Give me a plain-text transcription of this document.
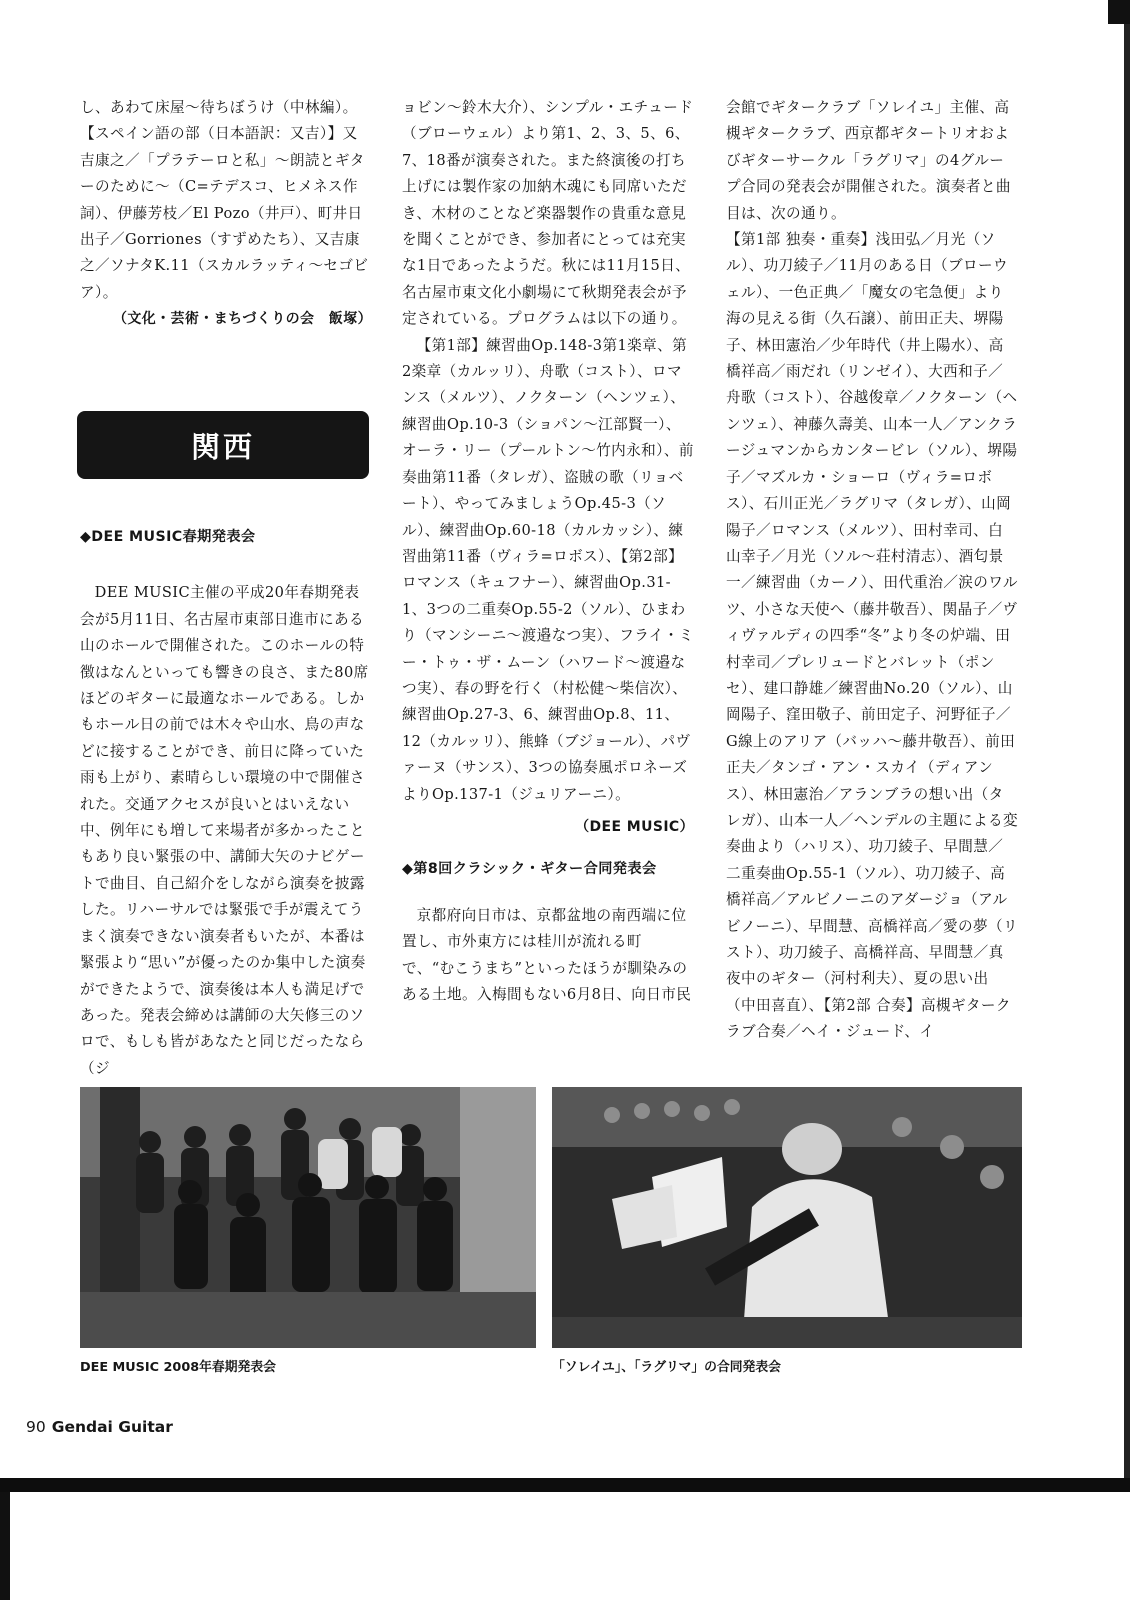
し、あわて床屋〜待ちぼうけ（中林編）。【スペイン語の部（日本語訳：又吉）】又吉康之／「プラテーロと私」〜朗読とギターのために〜（C=テデスコ、ヒメネス作詞）、伊藤芳枝／El Pozo（井戸）、町井日出子／Gorriones（すずめたち）、又吉康之／ソナタK.11（スカルラッティ〜セゴビア）。

（文化・芸術・まちづくりの会　飯塚）

関西

◆DEE MUSIC春期発表会

DEE MUSIC主催の平成20年春期発表会が5月11日、名古屋市東部日進市にある山のホールで開催された。このホールの特徴はなんといっても響きの良さ、また80席ほどのギターに最適なホールである。しかもホール日の前では木々や山水、鳥の声などに接することができ、前日に降っていた雨も上がり、素晴らしい環境の中で開催された。交通アクセスが良いとはいえない中、例年にも増して来場者が多かったこともあり良い緊張の中、講師大矢のナビゲートで曲目、自己紹介をしながら演奏を披露した。リハーサルでは緊張で手が震えてうまく演奏できない演奏者もいたが、本番は緊張より“思い”が優ったのか集中した演奏ができたようで、演奏後は本人も満足げであった。発表会締めは講師の大矢修三のソロで、もしも皆があなたと同じだったなら（ジ

ョビン〜鈴木大介）、シンプル・エチュード（ブローウェル）より第1、2、3、5、6、7、18番が演奏された。また終演後の打ち上げには製作家の加納木魂にも同席いただき、木材のことなど楽器製作の貴重な意見を聞くことができ、参加者にとっては充実な1日であったようだ。秋には11月15日、名古屋市東文化小劇場にて秋期発表会が予定されている。プログラムは以下の通り。

【第1部】練習曲Op.148-3第1楽章、第2楽章（カルッリ）、舟歌（コスト）、ロマンス（メルツ）、ノクターン（ヘンツェ）、練習曲Op.10-3（ショパン〜江部賢一）、オーラ・リー（プールトン〜竹内永和）、前奏曲第11番（タレガ）、盗賊の歌（リョベート）、やってみましょうOp.45-3（ソル）、練習曲Op.60-18（カルカッシ）、練習曲第11番（ヴィラ=ロボス）、【第2部】ロマンス（キュフナー）、練習曲Op.31-1、3つの二重奏Op.55-2（ソル）、ひまわり（マンシーニ〜渡邉なつ実）、フライ・ミー・トゥ・ザ・ムーン（ハワード〜渡邉なつ実）、春の野を行く（村松健〜柴信次）、練習曲Op.27-3、6、練習曲Op.8、11、12（カルッリ）、熊蜂（ブジョール）、パヴァーヌ（サンス）、3つの協奏風ポロネーズよりOp.137-1（ジュリアーニ）。

（DEE MUSIC）

◆第8回クラシック・ギター合同発表会

京都府向日市は、京都盆地の南西端に位置し、市外東方には桂川が流れる町で、“むこうまち”といったほうが馴染みのある土地。入梅間もない6月8日、向日市民

会館でギタークラブ「ソレイユ」主催、高槻ギタークラブ、西京都ギタートリオおよびギターサークル「ラグリマ」の4グループ合同の発表会が開催された。演奏者と曲目は、次の通り。

【第1部 独奏・重奏】浅田弘／月光（ソル）、功刀綾子／11月のある日（ブローウェル）、一色正典／「魔女の宅急便」より海の見える街（久石譲）、前田正夫、堺陽子、林田憲治／少年時代（井上陽水）、高橋祥高／雨だれ（リンゼイ）、大西和子／舟歌（コスト）、谷越俊章／ノクターン（ヘンツェ）、神藤久壽美、山本一人／アンクラージュマンからカンタービレ（ソル）、堺陽子／マズルカ・ショーロ（ヴィラ=ロボス）、石川正光／ラグリマ（タレガ）、山岡陽子／ロマンス（メルツ）、田村幸司、白山幸子／月光（ソル〜荘村清志）、酒匂景一／練習曲（カーノ）、田代重治／涙のワルツ、小さな天使へ（藤井敬吾）、関晶子／ヴィヴァルディの四季“冬”より冬の炉端、田村幸司／プレリュードとバレット（ポンセ）、建口静雄／練習曲No.20（ソル）、山岡陽子、窪田敬子、前田定子、河野征子／G線上のアリア（バッハ〜藤井敬吾）、前田正夫／タンゴ・アン・スカイ（ディアンス）、林田憲治／アランブラの想い出（タレガ）、山本一人／ヘンデルの主題による変奏曲より（ハリス）、功刀綾子、早間慧／二重奏曲Op.55-1（ソル）、功刀綾子、高橋祥高／アルビノーニのアダージョ（アルビノーニ）、早間慧、高橋祥高／愛の夢（リスト）、功刀綾子、高橋祥高、早間慧／真夜中のギター（河村利夫）、夏の思い出（中田喜直）、【第2部 合奏】高槻ギタークラブ合奏／ヘイ・ジュード、イ

DEE MUSIC 2008年春期発表会	「ソレイユ」、「ラグリマ」の合同発表会
90 Gendai Guitar
